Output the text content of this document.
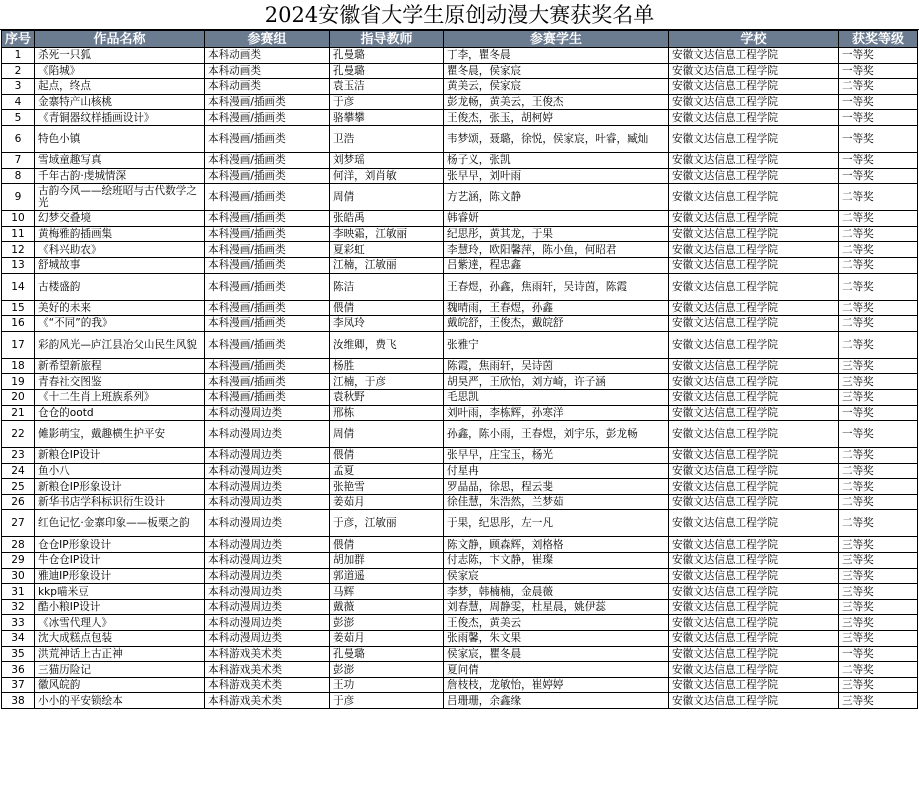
2024安徽省大学生原创动漫大赛获奖名单
序号	作品名称	参赛组	指导教师	参赛学生	学校	获奖等级
1	杀死一只狐	本科动画类	孔曼璐	丁李，瞿冬晨	安徽文达信息工程学院	一等奖
2	《陷城》	本科动画类	孔曼璐	瞿冬晨，侯家宸	安徽文达信息工程学院	一等奖
3	起点，终点	本科动画类	袁玉洁	黄美云，侯家宸	安徽文达信息工程学院	二等奖
4	金寨特产山核桃	本科漫画/插画类	于彦	彭龙畅，黄美云，王俊杰	安徽文达信息工程学院	一等奖
5	《青铜器纹样插画设计》	本科漫画/插画类	骆攀攀	王俊杰，张玉，胡柯婷	安徽文达信息工程学院	一等奖
6	特色小镇	本科漫画/插画类	卫浩	韦梦颂，聂璐，徐悦，侯家宸，叶睿，臧灿	安徽文达信息工程学院	一等奖
7	雪域童趣写真	本科漫画/插画类	刘梦瑶	杨子义，张凯	安徽文达信息工程学院	一等奖
8	千年古韵·虔城情深	本科漫画/插画类	何洋，刘肖敏	张早早，刘叶雨	安徽文达信息工程学院	一等奖
9	古韵今风——绘班昭与古代数学之光	本科漫画/插画类	周倩	方艺涵，陈文静	安徽文达信息工程学院	二等奖
10	幻梦交叠境	本科漫画/插画类	张皓禹	韩睿妍	安徽文达信息工程学院	二等奖
11	黄梅雅韵插画集	本科漫画/插画类	李映霜，江敏丽	纪思彤，黄其龙，于果	安徽文达信息工程学院	二等奖
12	《科兴助农》	本科漫画/插画类	夏彩虹	李慧玲，欧阳馨萍，陈小鱼，何昭君	安徽文达信息工程学院	二等奖
13	舒城故事	本科漫画/插画类	江楠，江敏丽	吕紫達，程忠鑫	安徽文达信息工程学院	二等奖
14	古楼盛韵	本科漫画/插画类	陈洁	王春煜，孙鑫，焦雨轩，吴诗茵，陈霞	安徽文达信息工程学院	二等奖
15	美好的未来	本科漫画/插画类	偎倩	魏晴雨，王春煜，孙鑫	安徽文达信息工程学院	二等奖
16	《“不同”的我》	本科漫画/插画类	李凤玲	戴皖舒，王俊杰，戴皖舒	安徽文达信息工程学院	二等奖
17	彩韵风光—庐江县冶父山民生风貌	本科漫画/插画类	汝维卿，费飞	张雅宁	安徽文达信息工程学院	二等奖
18	新希望新旅程	本科漫画/插画类	杨胜	陈霞，焦雨轩，吴诗茵	安徽文达信息工程学院	三等奖
19	青春社交图鉴	本科漫画/插画类	江楠，于彦	胡昊严，王欣怡，刘方崎，许子涵	安徽文达信息工程学院	三等奖
20	《十二生肖上班族系列》	本科漫画/插画类	袁秋野	毛思凯	安徽文达信息工程学院	三等奖
21	仓仓的ootd	本科动漫周边类	邢栋	刘叶雨，李栋辉，孙寒洋	安徽文达信息工程学院	一等奖
22	傩影萌宝，戴趣横生护平安	本科动漫周边类	周倩	孙鑫，陈小雨，王春煜，刘宇乐，彭龙畅	安徽文达信息工程学院	一等奖
23	新粮仓IP设计	本科动漫周边类	偎倩	张早早，庄宝玉，杨光	安徽文达信息工程学院	二等奖
24	鱼小八	本科动漫周边类	孟夏	付星冉	安徽文达信息工程学院	二等奖
25	新粮仓IP形象设计	本科动漫周边类	张艳雪	罗晶晶，徐思，程云斐	安徽文达信息工程学院	二等奖
26	新华书店学科标识衍生设计	本科动漫周边类	姜茹月	徐佳慧，朱浩然，兰梦茹	安徽文达信息工程学院	二等奖
27	红色记忆·金寨印象——板栗之韵	本科动漫周边类	于彦，江敏丽	于果，纪思彤，左一凡	安徽文达信息工程学院	二等奖
28	仓仓IP形象设计	本科动漫周边类	偎倩	陈文静，顾森辉，刘格格	安徽文达信息工程学院	三等奖
29	牛仓仓IP设计	本科动漫周边类	胡加群	付志陈，卞文静，崔璨	安徽文达信息工程学院	三等奖
30	雅迪IP形象设计	本科动漫周边类	郭道遥	侯家宸	安徽文达信息工程学院	三等奖
31	kkp喵米豆	本科动漫周边类	马辉	李梦，韩楠楠，金晨薇	安徽文达信息工程学院	三等奖
32	酷小粮IP设计	本科动漫周边类	戴薇	刘春慧，周静雯，杜星晨，姚伊蕊	安徽文达信息工程学院	三等奖
33	《冰雪代理人》	本科动漫周边类	彭澎	王俊杰，黄美云	安徽文达信息工程学院	三等奖
34	沈大成糕点包装	本科动漫周边类	姜茹月	张雨馨，朱文果	安徽文达信息工程学院	三等奖
35	洪荒神话上古正神	本科游戏美术类	孔曼璐	侯家宸，瞿冬晨	安徽文达信息工程学院	一等奖
36	三猫历险记	本科游戏美术类	彭澎	夏问倩	安徽文达信息工程学院	二等奖
37	徽风皖韵	本科游戏美术类	王功	詹枝枝，龙敏怡，崔婷婷	安徽文达信息工程学院	三等奖
38	小小的平安锁绘本	本科游戏美术类	于彦	吕珊珊，余鑫缘	安徽文达信息工程学院	三等奖
